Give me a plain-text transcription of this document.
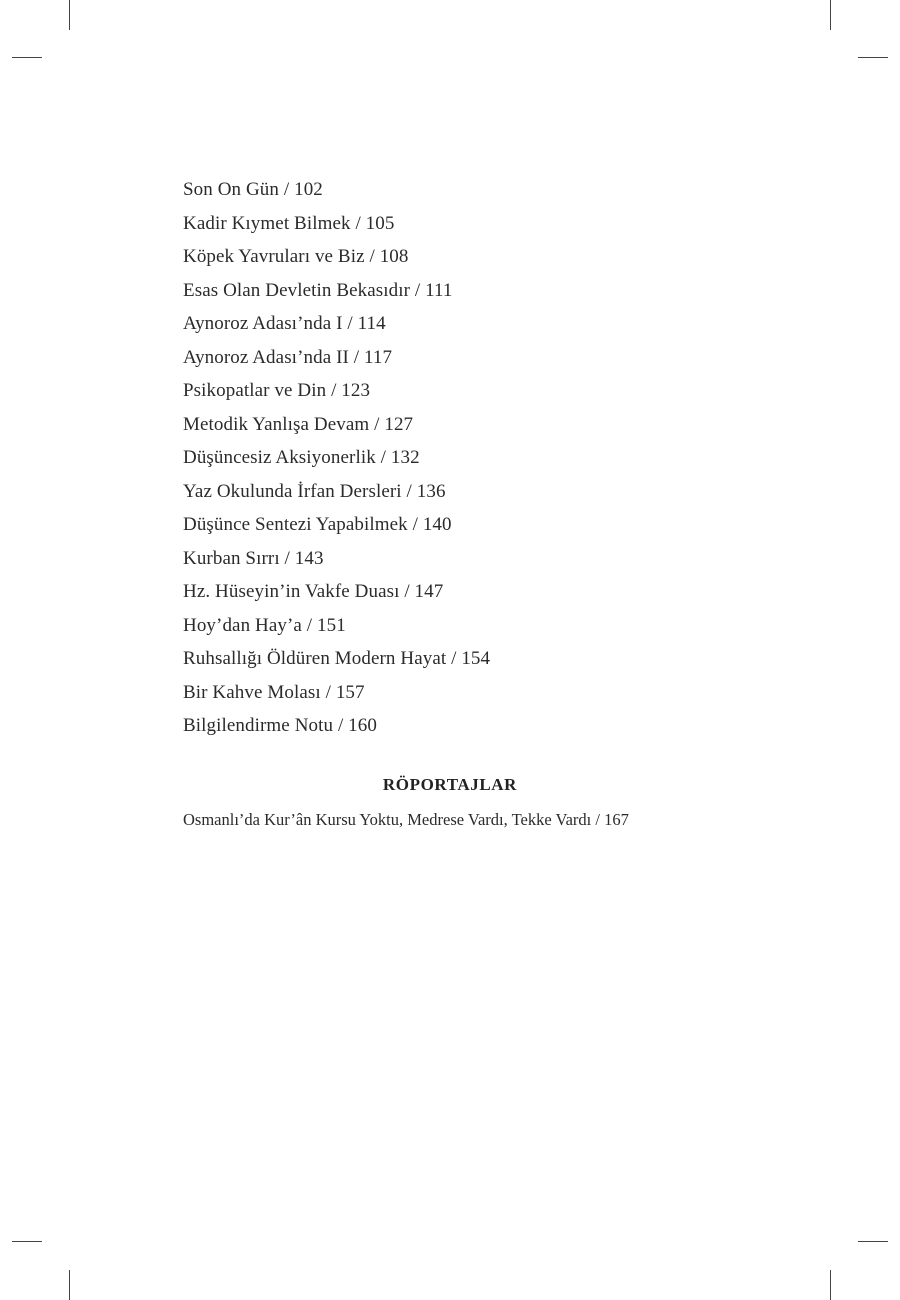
Son On Gün / 102
Kadir Kıymet Bilmek / 105
Köpek Yavruları ve Biz / 108
Esas Olan Devletin Bekasıdır / 111
Aynoroz Adası’nda I / 114
Aynoroz Adası’nda II / 117
Psikopatlar ve Din / 123
Metodik Yanlışa Devam / 127
Düşüncesiz Aksiyonerlik / 132
Yaz Okulunda İrfan Dersleri / 136
Düşünce Sentezi Yapabilmek / 140
Kurban Sırrı / 143
Hz. Hüseyin’in Vakfe Duası / 147
Hoy’dan Hay’a / 151
Ruhsallığı Öldüren Modern Hayat / 154
Bir Kahve Molası / 157
Bilgilendirme Notu / 160
RÖPORTAJLAR
Osmanlı’da Kur’ân Kursu Yoktu, Medrese Vardı, Tekke Vardı / 167
